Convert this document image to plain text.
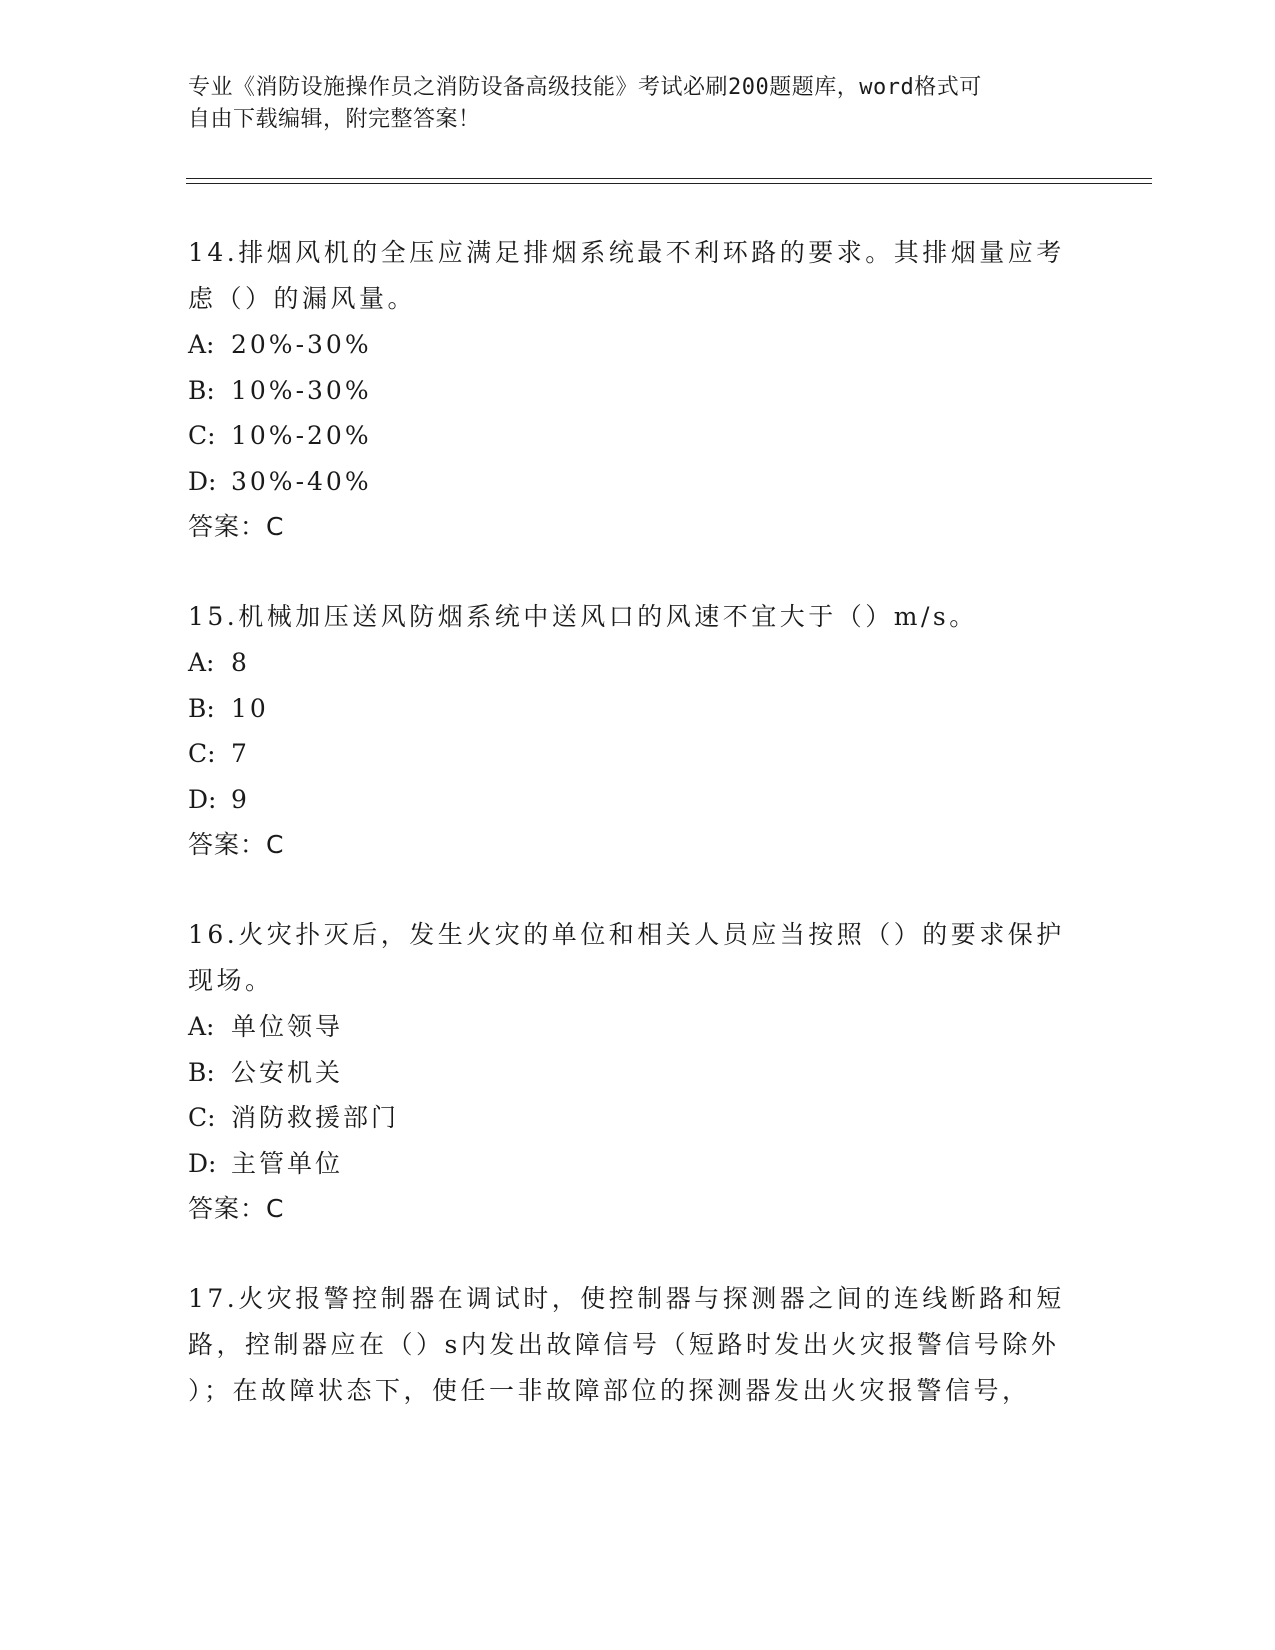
专业《消防设施操作员之消防设备高级技能》考试必刷200题题库，word格式可
自由下载编辑，附完整答案！

14.排烟风机的全压应满足排烟系统最不利环路的要求。其排烟量应考
虑（）的漏风量。

A: 20%-30%

B: 10%-30%

C: 10%-20%

D: 30%-40%

答案：C

15.机械加压送风防烟系统中送风口的风速不宜大于（）m/s。

A: 8

B: 10

C: 7

D: 9

答案：C

16.火灾扑灭后，发生火灾的单位和相关人员应当按照（）的要求保护
现场。

A: 单位领导

B: 公安机关

C: 消防救援部门

D: 主管单位

答案：C

17.火灾报警控制器在调试时，使控制器与探测器之间的连线断路和短
路，控制器应在（）s内发出故障信号（短路时发出火灾报警信号除外
）；在故障状态下，使任一非故障部位的探测器发出火灾报警信号，
